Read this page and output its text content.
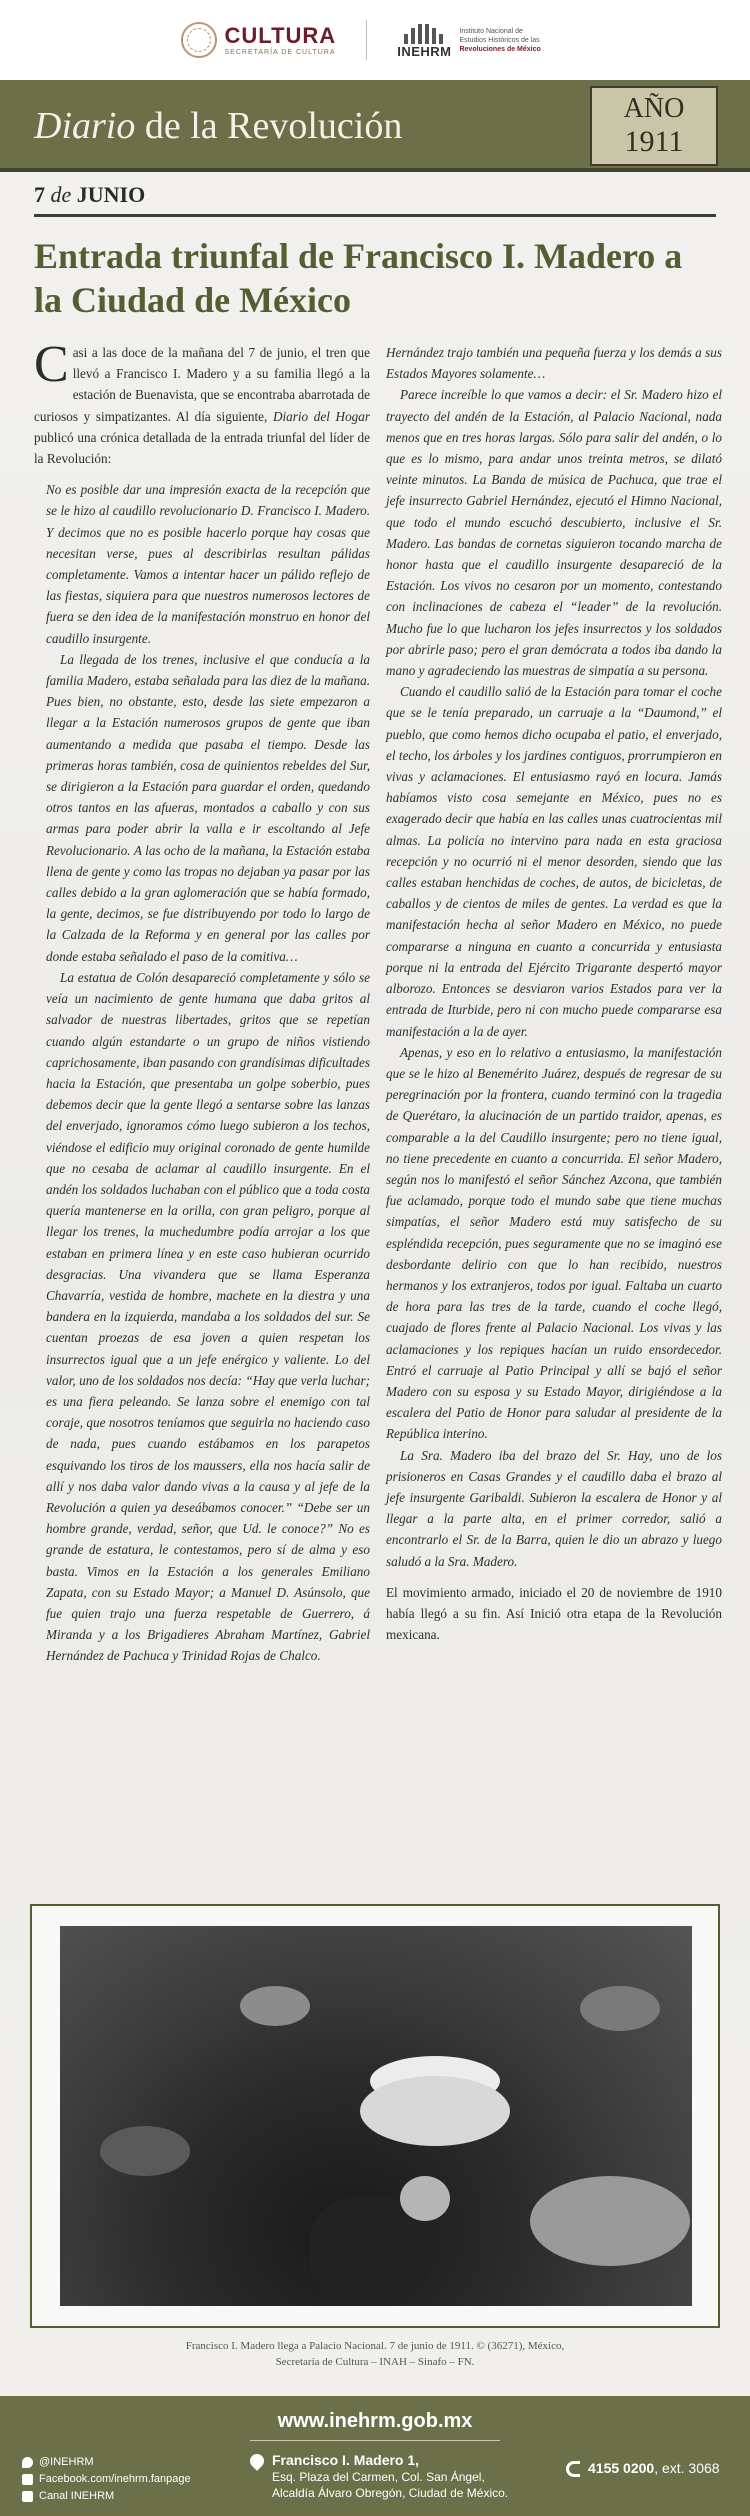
CULTURA
SECRETARÍA DE CULTURA	INEHRM
Instituto Nacional de
Estudios Históricos de las
Revoluciones de México
Diario de la Revolución	AÑO
1911
7 de JUNIO
Entrada triunfal de Francisco I. Madero a la Ciudad de México

Casi a las doce de la mañana del 7 de junio, el tren que llevó a Francisco I. Madero y a su familia llegó a la estación de Buenavista, que se encontraba abarrotada de curiosos y simpatizantes. Al día siguiente, Diario del Hogar publicó una crónica detallada de la entrada triunfal del líder de la Revolución:

No es posible dar una impresión exacta de la recepción que se le hizo al caudillo revolucionario D. Francisco I. Madero. Y decimos que no es posible hacerlo porque hay cosas que necesitan verse, pues al describirlas resultan pálidas completamente. Vamos a intentar hacer un pálido reflejo de las fiestas, siquiera para que nuestros numerosos lectores de fuera se den idea de la manifestación monstruo en honor del caudillo insurgente.

La llegada de los trenes, inclusive el que conducía a la familia Madero, estaba señalada para las diez de la mañana. Pues bien, no obstante, esto, desde las siete empezaron a llegar a la Estación numerosos grupos de gente que iban aumentando a medida que pasaba el tiempo. Desde las primeras horas también, cosa de quinientos rebeldes del Sur, se dirigieron a la Estación para guardar el orden, quedando otros tantos en las afueras, montados a caballo y con sus armas para poder abrir la valla e ir escoltando al Jefe Revolucionario. A las ocho de la mañana, la Estación estaba llena de gente y como las tropas no dejaban ya pasar por las calles debido a la gran aglomeración que se había formado, la gente, decimos, se fue distribuyendo por todo lo largo de la Calzada de la Reforma y en general por las calles por donde estaba señalado el paso de la comitiva…

La estatua de Colón desapareció completamente y sólo se veía un nacimiento de gente humana que daba gritos al salvador de nuestras libertades, gritos que se repetían cuando algún estandarte o un grupo de niños vistiendo caprichosamente, iban pasando con grandísimas dificultades hacia la Estación, que presentaba un golpe soberbio, pues debemos decir que la gente llegó a sentarse sobre las lanzas del enverjado, ignoramos cómo luego subieron a los techos, viéndose el edificio muy original coronado de gente humilde que no cesaba de aclamar al caudillo insurgente. En el andén los soldados luchaban con el público que a toda costa quería mantenerse en la orilla, con gran peligro, porque al llegar los trenes, la muchedumbre podía arrojar a los que estaban en primera línea y en este caso hubieran ocurrido desgracias. Una vivandera que se llama Esperanza Chavarría, vestida de hombre, machete en la diestra y una bandera en la izquierda, mandaba a los soldados del sur. Se cuentan proezas de esa joven a quien respetan los insurrectos igual que a un jefe enérgico y valiente. Lo del valor, uno de los soldados nos decía: “Hay que verla luchar; es una fiera peleando. Se lanza sobre el enemigo con tal coraje, que nosotros teníamos que seguirla no haciendo caso de nada, pues cuando estábamos en los parapetos esquivando los tiros de los maussers, ella nos hacía salir de allí y nos daba valor dando vivas a la causa y al jefe de la Revolución a quien ya deseábamos conocer.” “Debe ser un hombre grande, verdad, señor, que Ud. le conoce?” No es grande de estatura, le contestamos, pero sí de alma y eso basta. Vimos en la Estación a los generales Emiliano Zapata, con su Estado Mayor; a Manuel D. Asúnsolo, que fue quien trajo una fuerza respetable de Guerrero, á Miranda y a los Brigadieres Abraham Martínez, Gabriel Hernández de Pachuca y Trinidad Rojas de Chalco.

Hernández trajo también una pequeña fuerza y los demás a sus Estados Mayores solamente…

Parece increíble lo que vamos a decir: el Sr. Madero hizo el trayecto del andén de la Estación, al Palacio Nacional, nada menos que en tres horas largas. Sólo para salir del andén, o lo que es lo mismo, para andar unos treinta metros, se dilató veinte minutos. La Banda de música de Pachuca, que trae el jefe insurrecto Gabriel Hernández, ejecutó el Himno Nacional, que todo el mundo escuchó descubierto, inclusive el Sr. Madero. Las bandas de cornetas siguieron tocando marcha de honor hasta que el caudillo insurgente desapareció de la Estación. Los vivos no cesaron por un momento, contestando con inclinaciones de cabeza el “leader” de la revolución. Mucho fue lo que lucharon los jefes insurrectos y los soldados por abrirle paso; pero el gran demócrata a todos iba dando la mano y agradeciendo las muestras de simpatía a su persona.

Cuando el caudillo salió de la Estación para tomar el coche que se le tenía preparado, un carruaje a la “Daumond,” el pueblo, que como hemos dicho ocupaba el patio, el enverjado, el techo, los árboles y los jardines contiguos, prorrumpieron en vivas y aclamaciones. El entusiasmo rayó en locura. Jamás habíamos visto cosa semejante en México, pues no es exagerado decir que había en las calles unas cuatrocientas mil almas. La policía no intervino para nada en esta graciosa recepción y no ocurrió ni el menor desorden, siendo que las calles estaban henchidas de coches, de autos, de bicicletas, de caballos y de cientos de miles de gentes. La verdad es que la manifestación hecha al señor Madero en México, no puede compararse a ninguna en cuanto a concurrida y entusiasta porque ni la entrada del Ejército Trigarante despertó mayor alborozo. Entonces se desviaron varios Estados para ver la entrada de Iturbide, pero ni con mucho puede compararse esa manifestación a la de ayer.

Apenas, y eso en lo relativo a entusiasmo, la manifestación que se le hizo al Benemérito Juárez, después de regresar de su peregrinación por la frontera, cuando terminó con la tragedia de Querétaro, la alucinación de un partido traidor, apenas, es comparable a la del Caudillo insurgente; pero no tiene igual, no tiene precedente en cuanto a concurrida. El señor Madero, según nos lo manifestó el señor Sánchez Azcona, que también fue aclamado, porque todo el mundo sabe que tiene muchas simpatías, el señor Madero está muy satisfecho de su espléndida recepción, pues seguramente que no se imaginó ese desbordante delirio con que lo han recibido, nuestros hermanos y los extranjeros, todos por igual. Faltaba un cuarto de hora para las tres de la tarde, cuando el coche llegó, cuajado de flores frente al Palacio Nacional. Los vivas y las aclamaciones y los repiques hacían un ruido ensordecedor. Entró el carruaje al Patio Principal y allí se bajó el señor Madero con su esposa y su Estado Mayor, dirigiéndose a la escalera del Patio de Honor para saludar al presidente de la República interino.

La Sra. Madero iba del brazo del Sr. Hay, uno de los prisioneros en Casas Grandes y el caudillo daba el brazo al jefe insurgente Garibaldi. Subieron la escalera de Honor y al llegar a la parte alta, en el primer corredor, salió a encontrarlo el Sr. de la Barra, quien le dio un abrazo y luego saludó a la Sra. Madero.

El movimiento armado, iniciado el 20 de noviembre de 1910 había llegó a su fin. Así Inició otra etapa de la Revolución mexicana.

Francisco I. Madero llega a Palacio Nacional. 7 de junio de 1911. © (36271), México,
Secretaría de Cultura – INAH – Sinafo – FN.
www.inehrm.gob.mx
@INEHRM
Facebook.com/inehrm.fanpage
Canal INEHRM
Francisco I. Madero 1,
Esq. Plaza del Carmen, Col. San Ángel,
Alcaldía Álvaro Obregón, Ciudad de México.
4155 0200, ext. 3068
